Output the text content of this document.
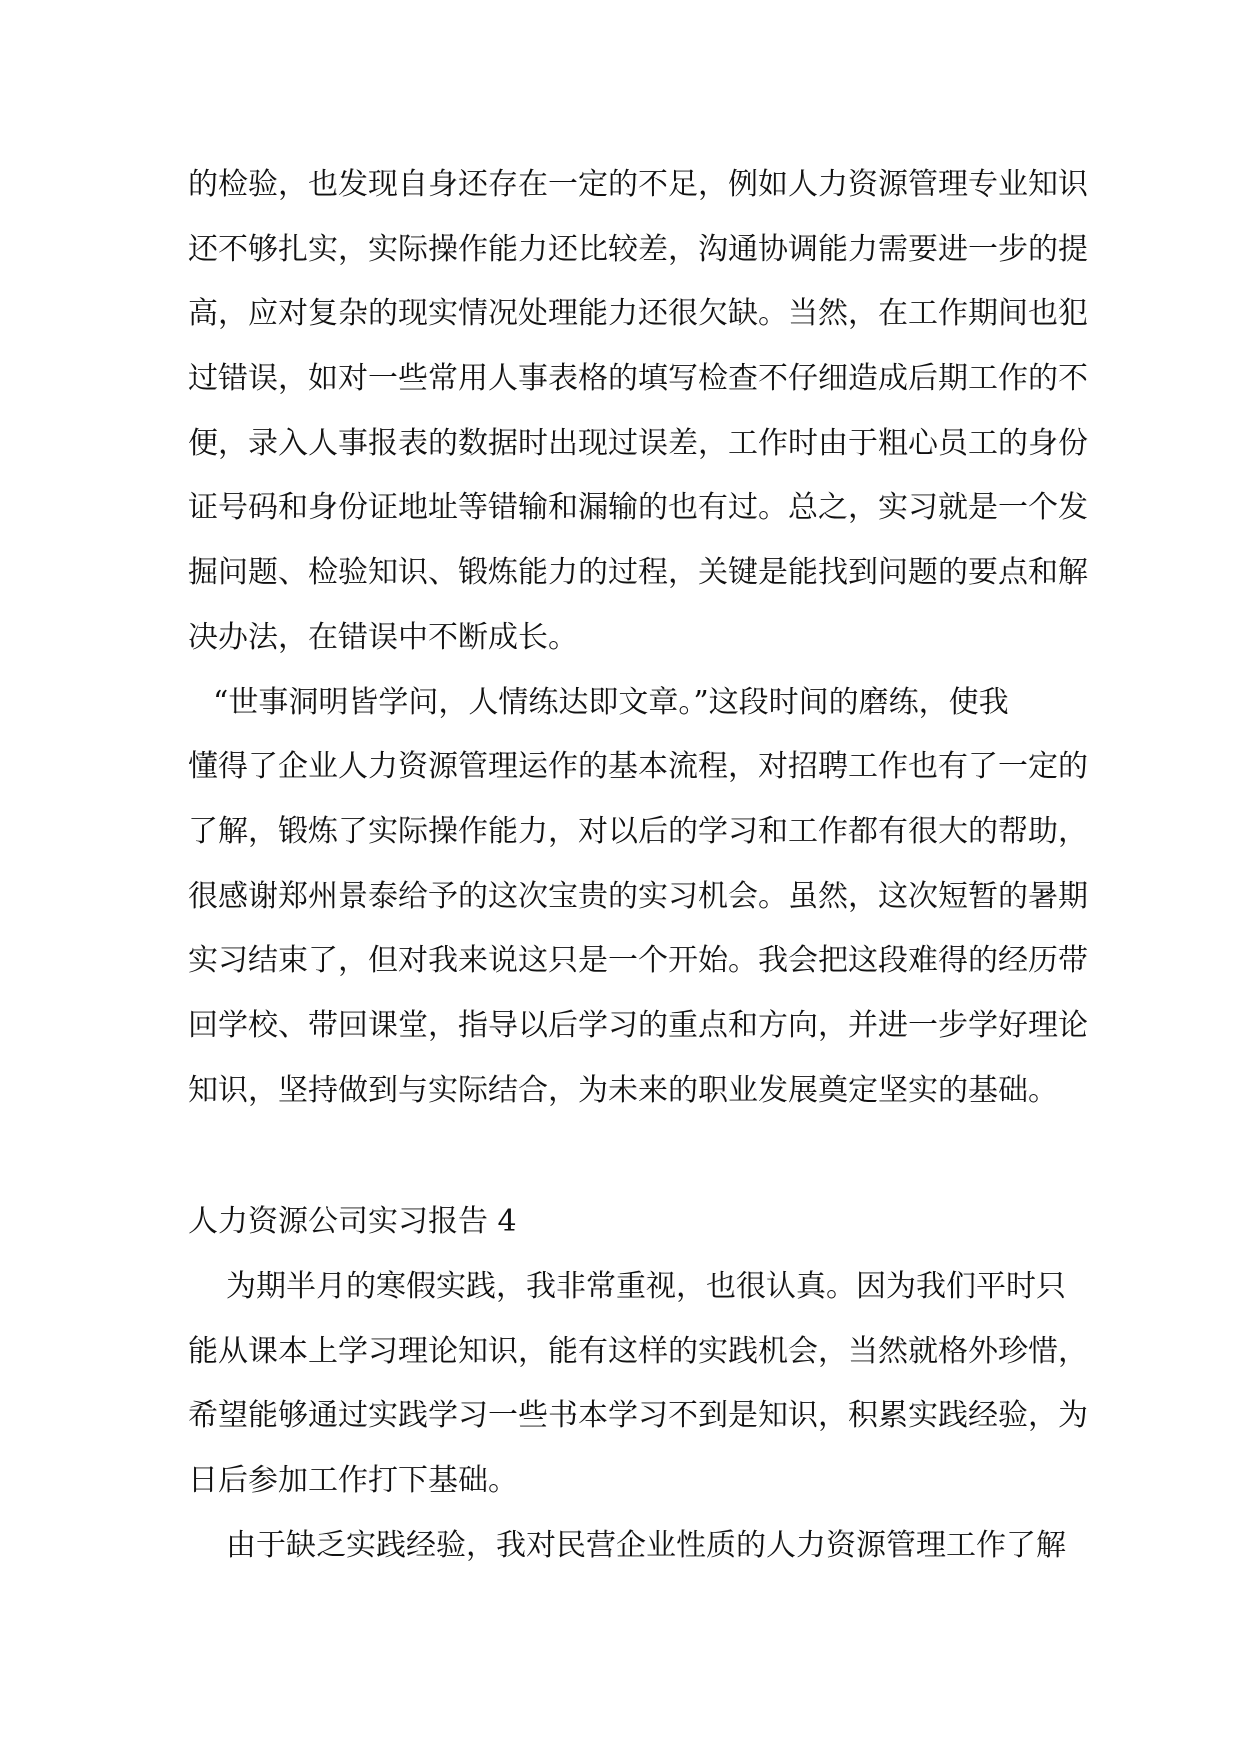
的检验，也发现自身还存在一定的不足，例如人力资源管理专业知识
还不够扎实，实际操作能力还比较差，沟通协调能力需要进一步的提
高，应对复杂的现实情况处理能力还很欠缺。当然，在工作期间也犯
过错误，如对一些常用人事表格的填写检查不仔细造成后期工作的不
便，录入人事报表的数据时出现过误差，工作时由于粗心员工的身份
证号码和身份证地址等错输和漏输的也有过。总之，实习就是一个发
掘问题、检验知识、锻炼能力的过程，关键是能找到问题的要点和解
决办法，在错误中不断成长。
“世事洞明皆学问，人情练达即文章。”这段时间的磨练，使我
懂得了企业人力资源管理运作的基本流程，对招聘工作也有了一定的
了解，锻炼了实际操作能力，对以后的学习和工作都有很大的帮助，
很感谢郑州景泰给予的这次宝贵的实习机会。虽然，这次短暂的暑期
实习结束了，但对我来说这只是一个开始。我会把这段难得的经历带
回学校、带回课堂，指导以后学习的重点和方向，并进一步学好理论
知识，坚持做到与实际结合，为未来的职业发展奠定坚实的基础。
人力资源公司实习报告 4
为期半月的寒假实践，我非常重视，也很认真。因为我们平时只
能从课本上学习理论知识，能有这样的实践机会，当然就格外珍惜，
希望能够通过实践学习一些书本学习不到是知识，积累实践经验，为
日后参加工作打下基础。
由于缺乏实践经验，我对民营企业性质的人力资源管理工作了解
